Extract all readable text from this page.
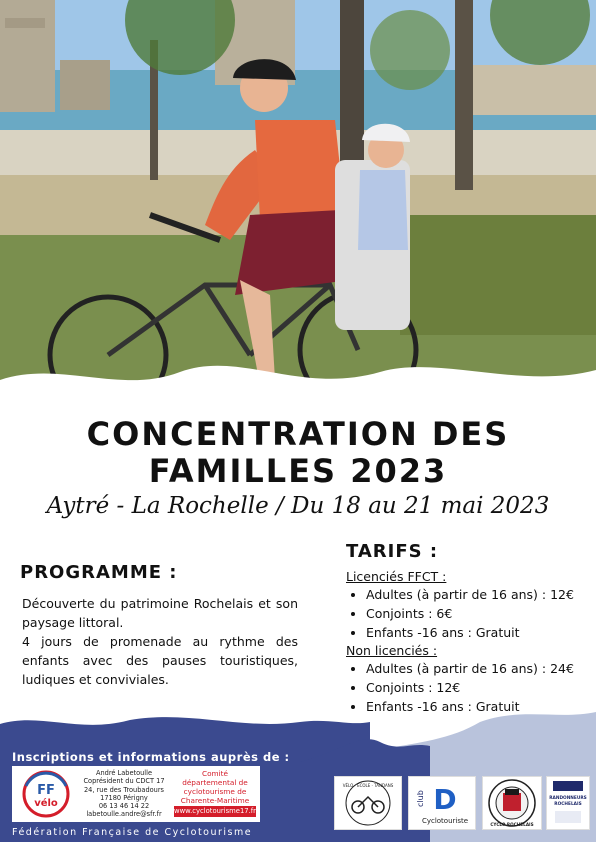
CONCENTRATION DES
FAMILLES 2023
Aytré - La Rochelle / Du 18 au 21 mai 2023
PROGRAMME :

Découverte du patrimoine Rochelais et son paysage littoral.

4 jours de promenade au rythme des enfants avec des pauses touristiques, ludiques et conviviales.

TARIFS :
Licenciés FFCT :
• Adultes (à partir de 16 ans) : 12€
• Conjoints : 6€
• Enfants -16 ans : Gratuit
Non licenciés :
• Adultes (à partir de 16 ans) : 24€
• Conjoints : 12€
• Enfants -16 ans : Gratuit
Inscriptions et informations auprès de :
FF
vélo
André Labetoulle
Coprésident du CDCT 17
24, rue des Troubadours
17180 Périgny
06 13 46 14 22
labetoulle.andre@sfr.fr
Comité départemental de cyclotourisme de Charente-Maritime
www.cyclotourisme17.fr
Fédération Française de Cyclotourisme
VÉLO · ÉCOLE · TANDANS
club D
Cyclotouriste	CYCLO ROCHELAIS
RANDONNEURS
ROCHELAIS
